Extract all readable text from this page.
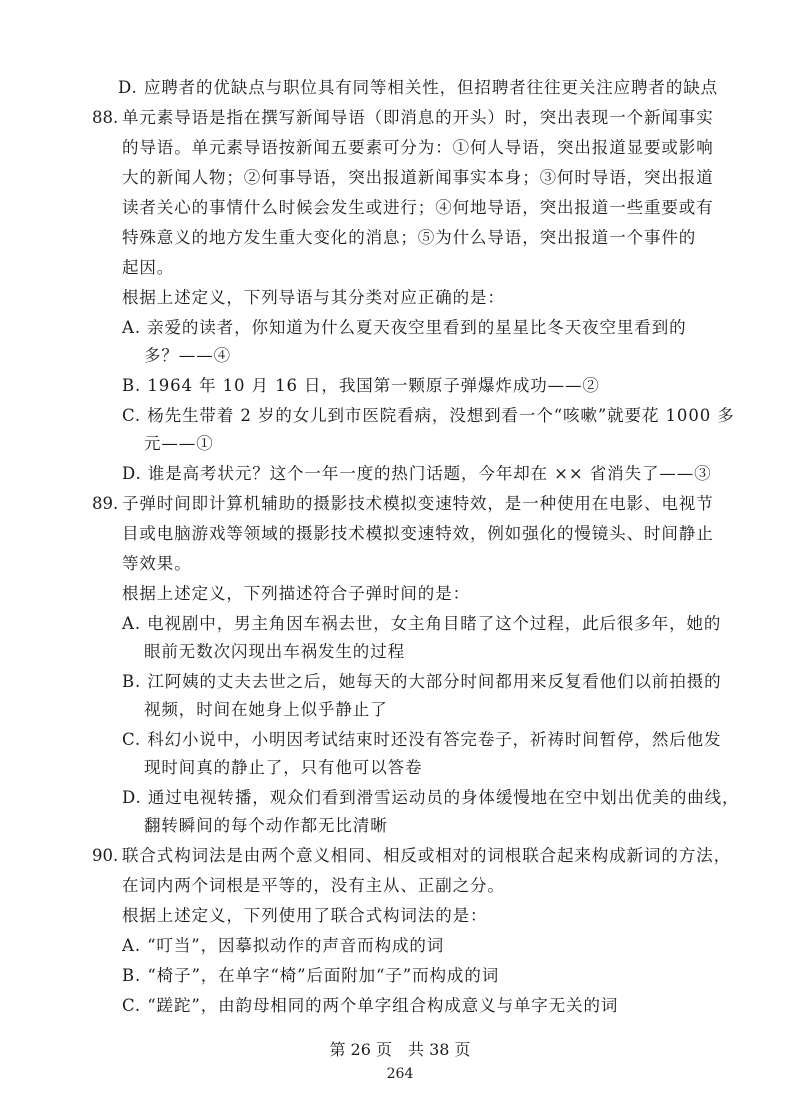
D. 应聘者的优缺点与职位具有同等相关性，但招聘者往往更关注应聘者的缺点
88. 单元素导语是指在撰写新闻导语（即消息的开头）时，突出表现一个新闻事实
的导语。单元素导语按新闻五要素可分为：①何人导语，突出报道显要或影响
大的新闻人物；②何事导语，突出报道新闻事实本身；③何时导语，突出报道
读者关心的事情什么时候会发生或进行；④何地导语，突出报道一些重要或有
特殊意义的地方发生重大变化的消息；⑤为什么导语，突出报道一个事件的
起因。
根据上述定义，下列导语与其分类对应正确的是：
A. 亲爱的读者，你知道为什么夏天夜空里看到的星星比冬天夜空里看到的
多？——④
B. 1964 年 10 月 16 日，我国第一颗原子弹爆炸成功——②
C. 杨先生带着 2 岁的女儿到市医院看病，没想到看一个“咳嗽”就要花 1000 多
元——①
D. 谁是高考状元？这个一年一度的热门话题，今年却在 ×× 省消失了——③
89. 子弹时间即计算机辅助的摄影技术模拟变速特效，是一种使用在电影、电视节
目或电脑游戏等领域的摄影技术模拟变速特效，例如强化的慢镜头、时间静止
等效果。
根据上述定义，下列描述符合子弹时间的是：
A. 电视剧中，男主角因车祸去世，女主角目睹了这个过程，此后很多年，她的
眼前无数次闪现出车祸发生的过程
B. 江阿姨的丈夫去世之后，她每天的大部分时间都用来反复看他们以前拍摄的
视频，时间在她身上似乎静止了
C. 科幻小说中，小明因考试结束时还没有答完卷子，祈祷时间暂停，然后他发
现时间真的静止了，只有他可以答卷
D. 通过电视转播，观众们看到滑雪运动员的身体缓慢地在空中划出优美的曲线，
翻转瞬间的每个动作都无比清晰
90. 联合式构词法是由两个意义相同、相反或相对的词根联合起来构成新词的方法，
在词内两个词根是平等的，没有主从、正副之分。
根据上述定义，下列使用了联合式构词法的是：
A. “叮当”，因摹拟动作的声音而构成的词
B. “椅子”，在单字“椅”后面附加“子”而构成的词
C. “蹉跎”，由韵母相同的两个单字组合构成意义与单字无关的词
第 26 页　共 38 页
264
